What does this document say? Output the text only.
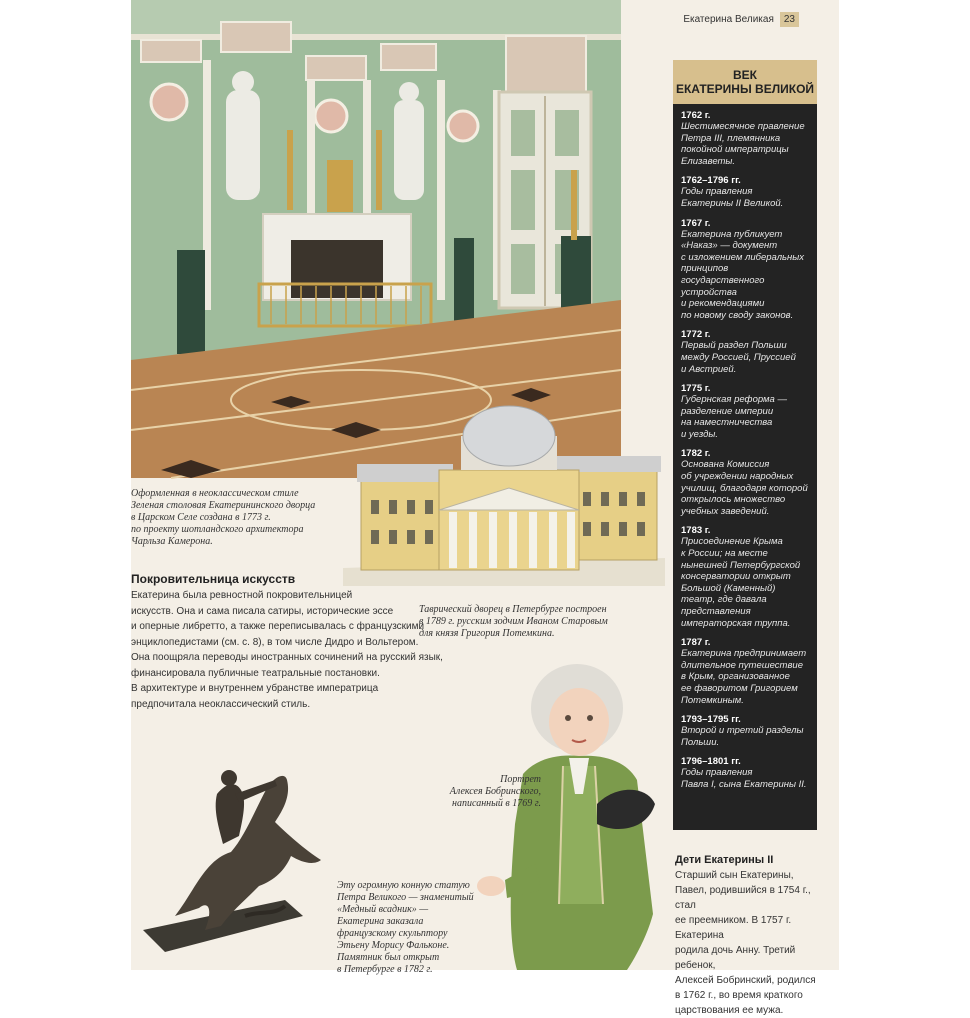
Екатерина Великая	23
Оформленная в неоклассическом стиле
Зеленая столовая Екатерининского дворца
в Царском Селе создана в 1773 г.
по проекту шотландского архитектора
Чарльза Камерона.
Таврический дворец в Петербурге построен
в 1789 г. русским зодчим Иваном Старовым
для князя Григория Потемкина.
Покровительница искусств
Екатерина была ревностной покровительницей
искусств. Она и сама писала сатиры, исторические эссе
и оперные либретто, а также переписывалась с французскими
энциклопедистами (см. с. 8), в том числе Дидро и Вольтером.
Она поощряла переводы иностранных сочинений на русский язык,
финансировала публичные театральные постановки.
В архитектуре и внутреннем убранстве императрица
предпочитала неоклассический стиль.
Эту огромную конную статую
Петра Великого — знаменитый
«Медный всадник» —
Екатерина заказала
французскому скульптору
Этьену Морису Фальконе.
Памятник был открыт
в Петербурге в 1782 г.
Портрет
Алексея Бобринского,
написанный в 1769 г.
ВЕК
ЕКАТЕРИНЫ ВЕЛИКОЙ
1762 г.
Шестимесячное правление
Петра III, племянника
покойной императрицы
Елизаветы.
1762–1796 гг.
Годы правления
Екатерины II Великой.
1767 г.
Екатерина публикует
«Наказ» — документ
с изложением либеральных
принципов
государственного
устройства
и рекомендациями
по новому своду законов.
1772 г.
Первый раздел Польши
между Россией, Пруссией
и Австрией.
1775 г.
Губернская реформа —
разделение империи
на наместничества
и уезды.
1782 г.
Основана Комиссия
об учреждении народных
училищ, благодаря которой
открылось множество
учебных заведений.
1783 г.
Присоединение Крыма
к России; на месте
нынешней Петербургской
консерватории открыт
Большой (Каменный)
театр, где давала
представления
императорская труппа.
1787 г.
Екатерина предпринимает
длительное путешествие
в Крым, организованное
ее фаворитом Григорием
Потемкиным.
1793–1795 гг.
Второй и третий разделы
Польши.
1796–1801 гг.
Годы правления
Павла I, сына Екатерины II.
Дети Екатерины II
Старший сын Екатерины,
Павел, родившийся в 1754 г., стал
ее преемником. В 1757 г. Екатерина
родила дочь Анну. Третий ребенок,
Алексей Бобринский, родился
в 1762 г., во время краткого
царствования ее мужа.
